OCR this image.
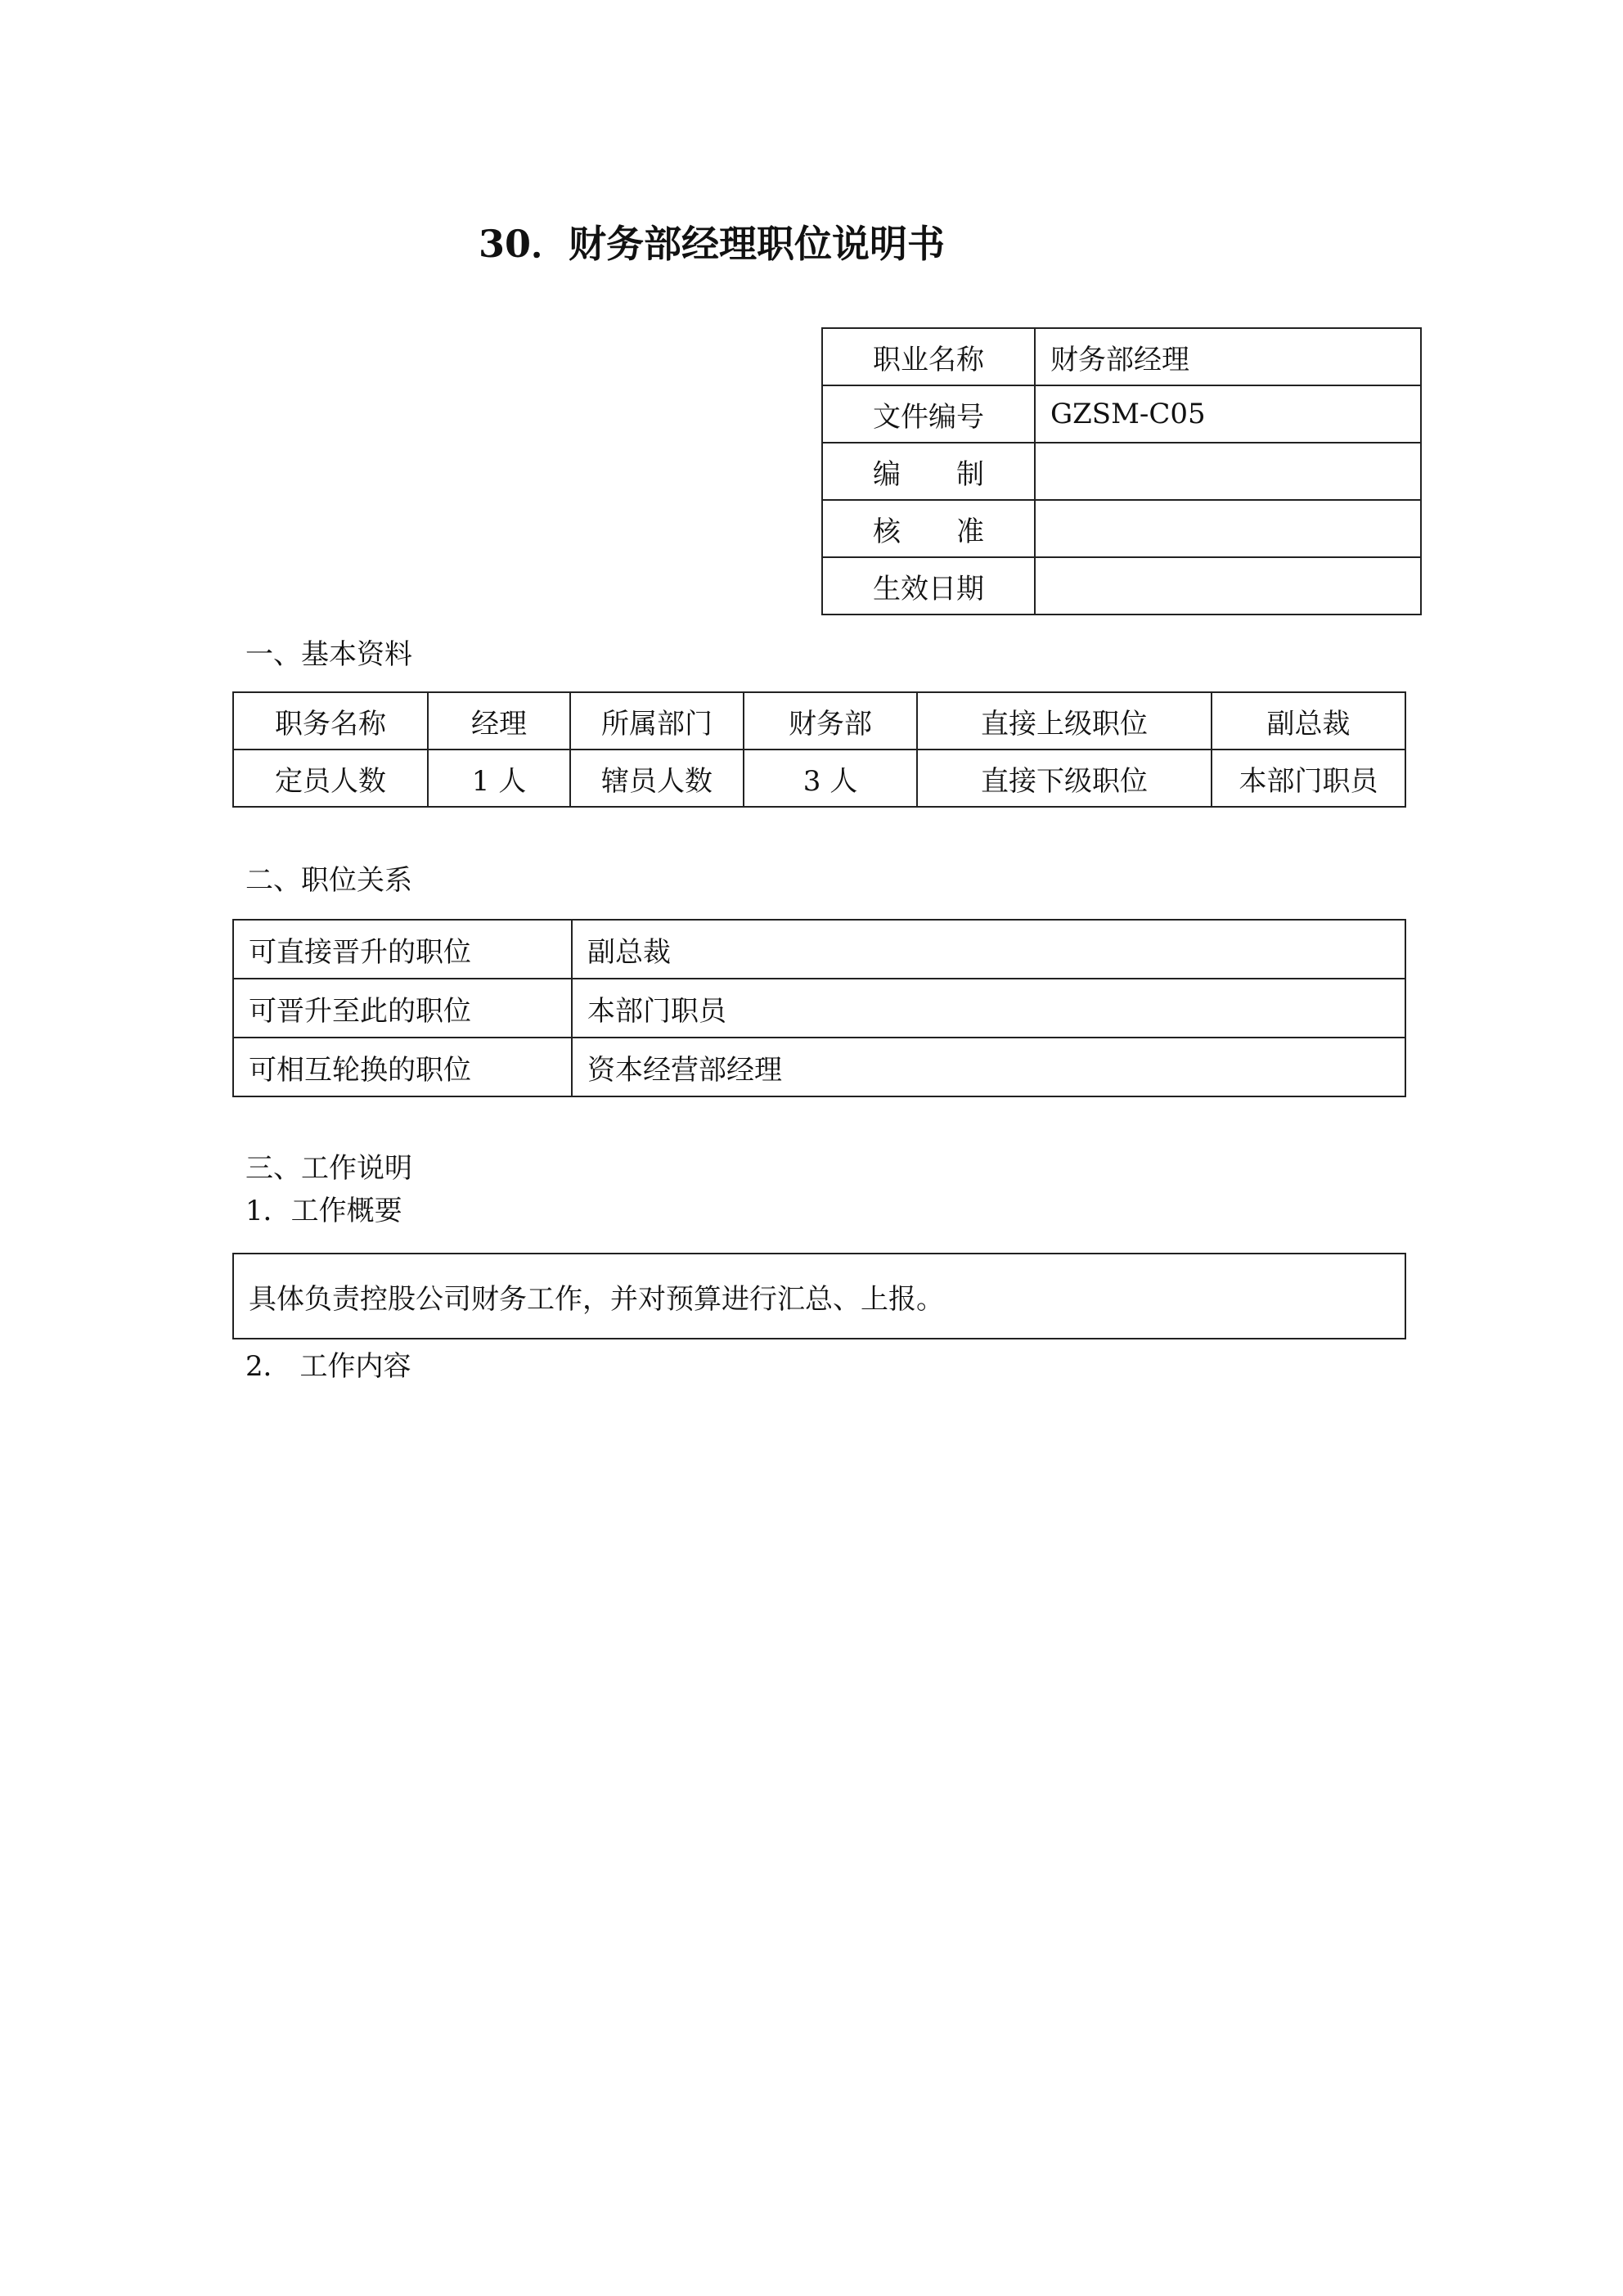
30．财务部经理职位说明书
职业名称	财务部经理
文件编号	GZSM-C05
编　　制	
核　　准	
生效日期	
一、基本资料
职务名称	经理	所属部门	财务部	直接上级职位	副总裁
定员人数	1 人	辖员人数	3 人	直接下级职位	本部门职员
二、职位关系
可直接晋升的职位	副总裁
可晋升至此的职位	本部门职员
可相互轮换的职位	资本经营部经理
三、工作说明
1．工作概要
具体负责控股公司财务工作，并对预算进行汇总、上报。
2． 工作内容
